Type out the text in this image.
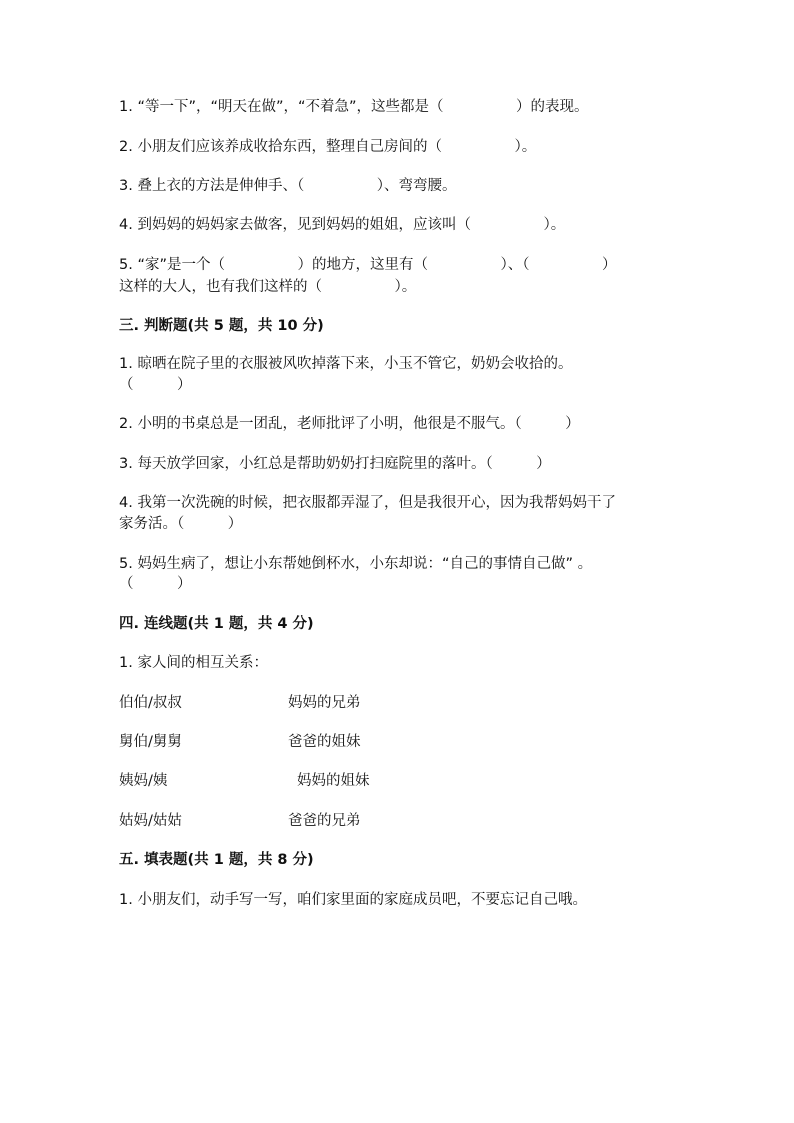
1. “等一下”，“明天在做”，“不着急”，这些都是（　　　　　）的表现。
2. 小朋友们应该养成收拾东西，整理自己房间的（　　　　　）。
3. 叠上衣的方法是伸伸手、（　　　　　）、弯弯腰。
4. 到妈妈的妈妈家去做客，见到妈妈的姐姐，应该叫（　　　　　）。
5. “家”是一个（　　　　　）的地方，这里有（　　　　　）、（　　　　　）
这样的大人，也有我们这样的（　　　　　）。
三. 判断题(共 5 题，共 10 分)
1. 晾晒在院子里的衣服被风吹掉落下来，小玉不管它，奶奶会收拾的。
（　　　）
2. 小明的书桌总是一团乱，老师批评了小明，他很是不服气。（　　　）
3. 每天放学回家，小红总是帮助奶奶打扫庭院里的落叶。（　　　）
4. 我第一次洗碗的时候，把衣服都弄湿了，但是我很开心，因为我帮妈妈干了
家务活。（　　　）
5. 妈妈生病了，想让小东帮她倒杯水，小东却说：“自己的事情自己做” 。
（　　　）
四. 连线题(共 1 题，共 4 分)
1. 家人间的相互关系：
伯伯/叔叔	妈妈的兄弟
舅伯/舅舅	爸爸的姐妹
姨妈/姨	妈妈的姐妹
姑妈/姑姑	爸爸的兄弟
五. 填表题(共 1 题，共 8 分)
1. 小朋友们，动手写一写，咱们家里面的家庭成员吧，不要忘记自己哦。
